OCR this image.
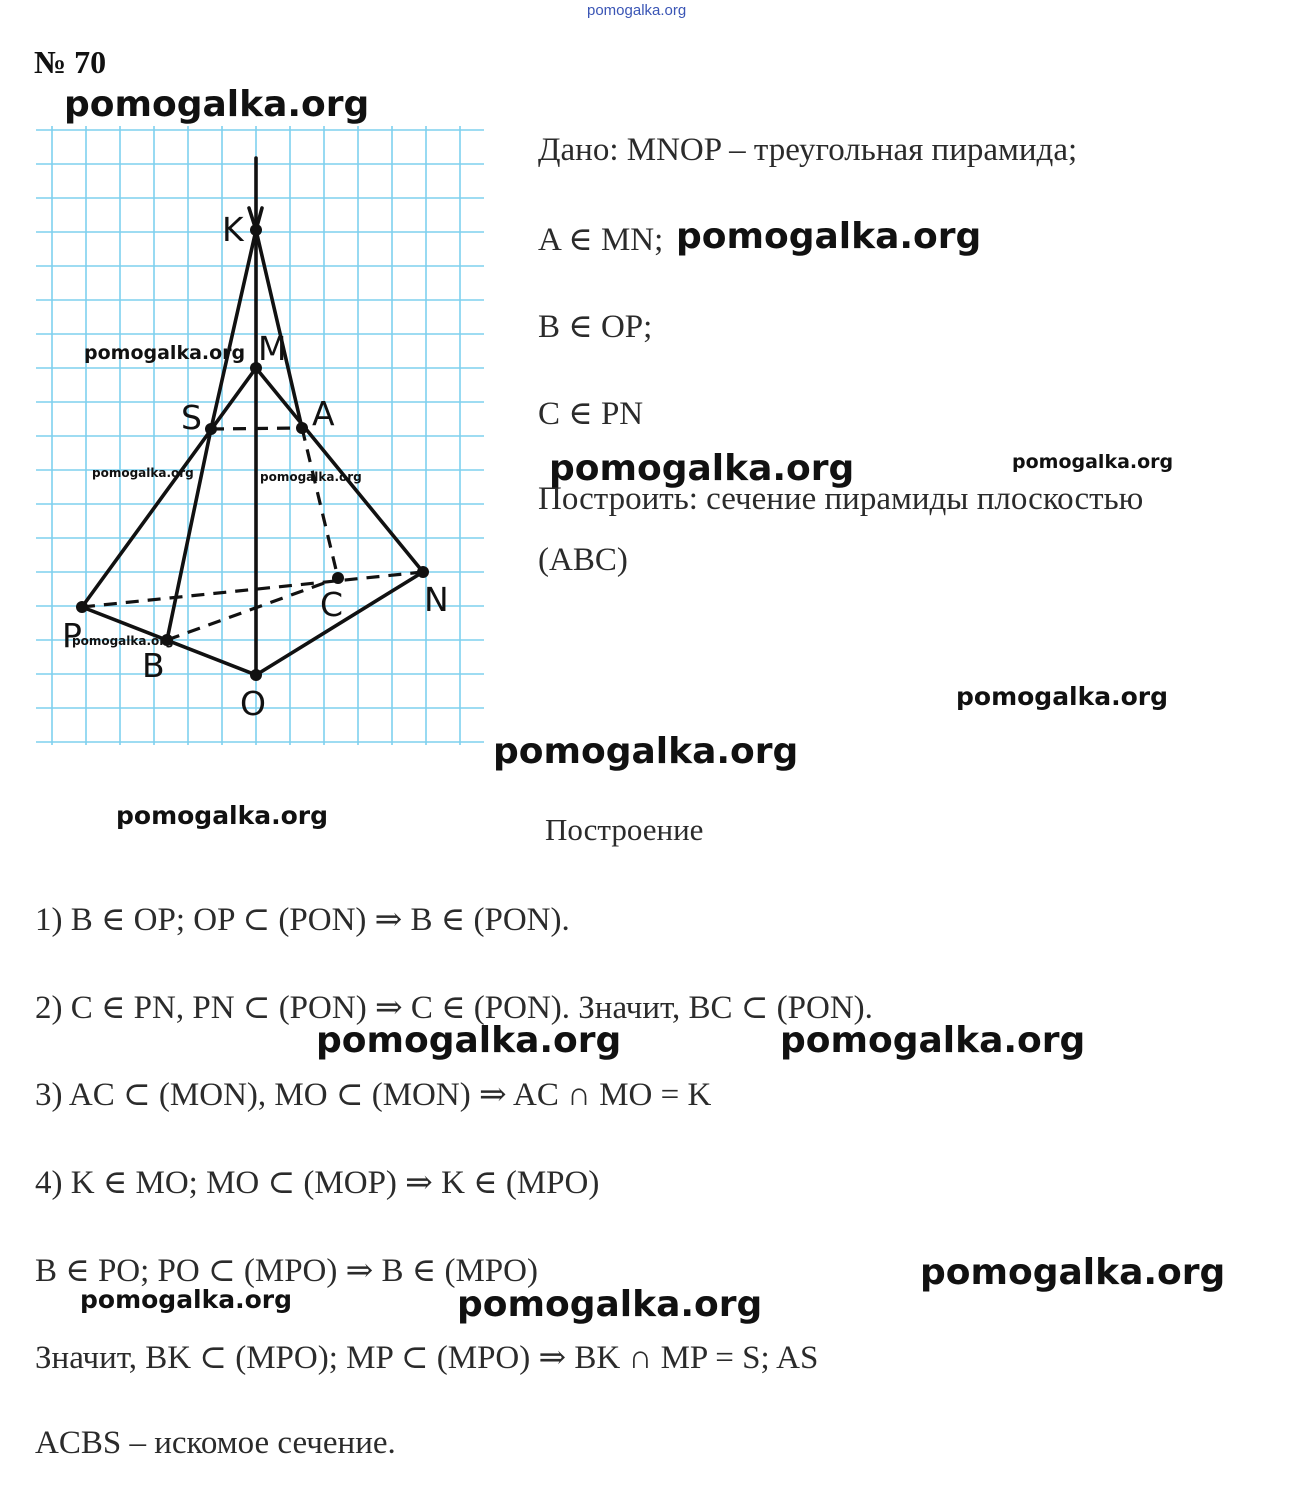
pomogalka.org
№ 70
K
M
S	A
C N
P
B
O
Дано: MNOP – треугольная пирамида;
A ∈ MN;
B ∈ OP;
C ∈ PN
Построить: сечение пирамиды плоскостью
(ABC)
Построение
1) B ∈ OP; OP ⊂ (PON) ⇒ B ∈ (PON).
2) C ∈ PN, PN ⊂ (PON) ⇒ C ∈ (PON). Значит, BC ⊂ (PON).
3) AC ⊂ (MON), MO ⊂ (MON) ⇒ AC ∩ MO = K
4) K ∈ MO; MO ⊂ (MOP) ⇒ K ∈ (MPO)
B ∈ PO; PO ⊂ (MPO) ⇒ B ∈ (MPO)
Значит, BK ⊂ (MPO); MP ⊂ (MPO) ⇒ BK ∩ MP = S; AS
ACBS – искомое сечение.
pomogalka.org
pomogalka.org
pomogalka.org
pomogalka.org	pomogalka.org
pomogalka.org
pomogalka.org	pomogalka.org
pomogalka.org
pomogalka.org
pomogalka.org
pomogalka.org	pomogalka.org
pomogalka.org
pomogalka.org	pomogalka.org
